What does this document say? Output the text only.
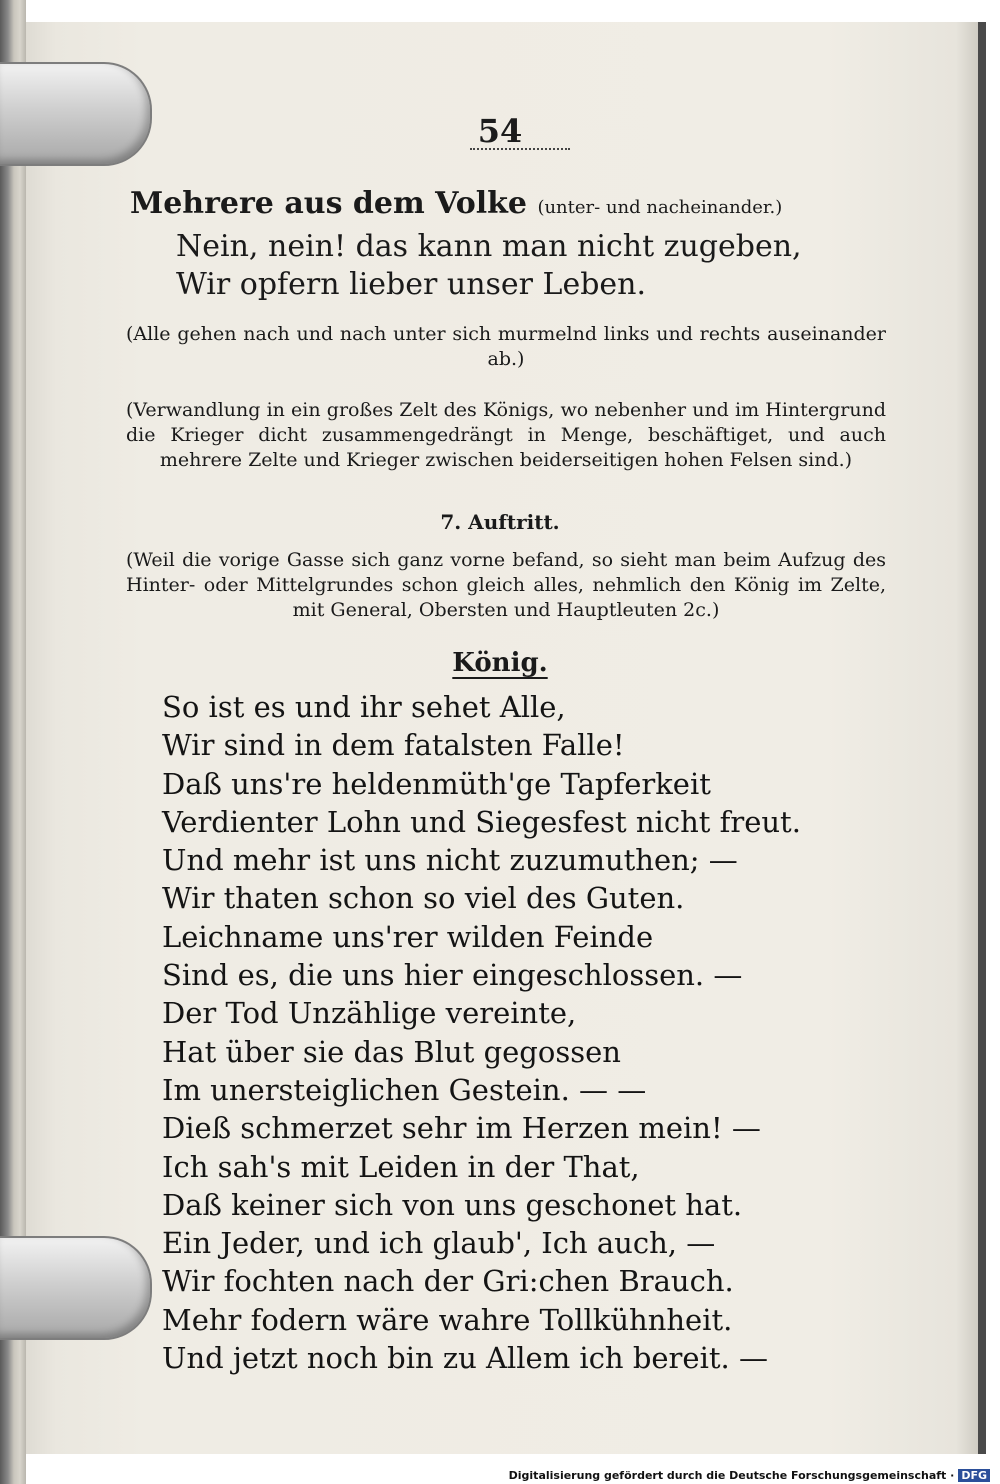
54

Mehrere aus dem Volke (unter- und nacheinander.)

Nein, nein! das kann man nicht zugeben,

Wir opfern lieber unser Leben.

(Alle gehen nach und nach unter sich murmelnd links und rechts auseinander ab.)

(Verwandlung in ein großes Zelt des Königs, wo nebenher und im Hintergrund die Krieger dicht zusammengedrängt in Menge, beschäftiget, und auch mehrere Zelte und Krieger zwischen beiderseitigen hohen Felsen sind.)

7. Auftritt.

(Weil die vorige Gasse sich ganz vorne befand, so sieht man beim Aufzug des Hinter- oder Mittelgrundes schon gleich alles, nehmlich den König im Zelte, mit General, Obersten und Hauptleuten 2c.)

König.
So ist es und ihr sehet Alle,
Wir sind in dem fatalsten Falle!
Daß uns're heldenmüth'ge Tapferkeit
Verdienter Lohn und Siegesfest nicht freut.
Und mehr ist uns nicht zuzumuthen; —
Wir thaten schon so viel des Guten.
Leichname uns'rer wilden Feinde
Sind es, die uns hier eingeschlossen. —
Der Tod Unzählige vereinte,
Hat über sie das Blut gegossen
Im unersteiglichen Gestein. — —
Dieß schmerzet sehr im Herzen mein! —
Ich sah's mit Leiden in der That,
Daß keiner sich von uns geschonet hat.
Ein Jeder, und ich glaub', Ich auch, —
Wir fochten nach der Gri:chen Brauch.
Mehr fodern wäre wahre Tollkühnheit.
Und jetzt noch bin zu Allem ich bereit. —
Digitalisierung gefördert durch die Deutsche Forschungsgemeinschaft · DFG
